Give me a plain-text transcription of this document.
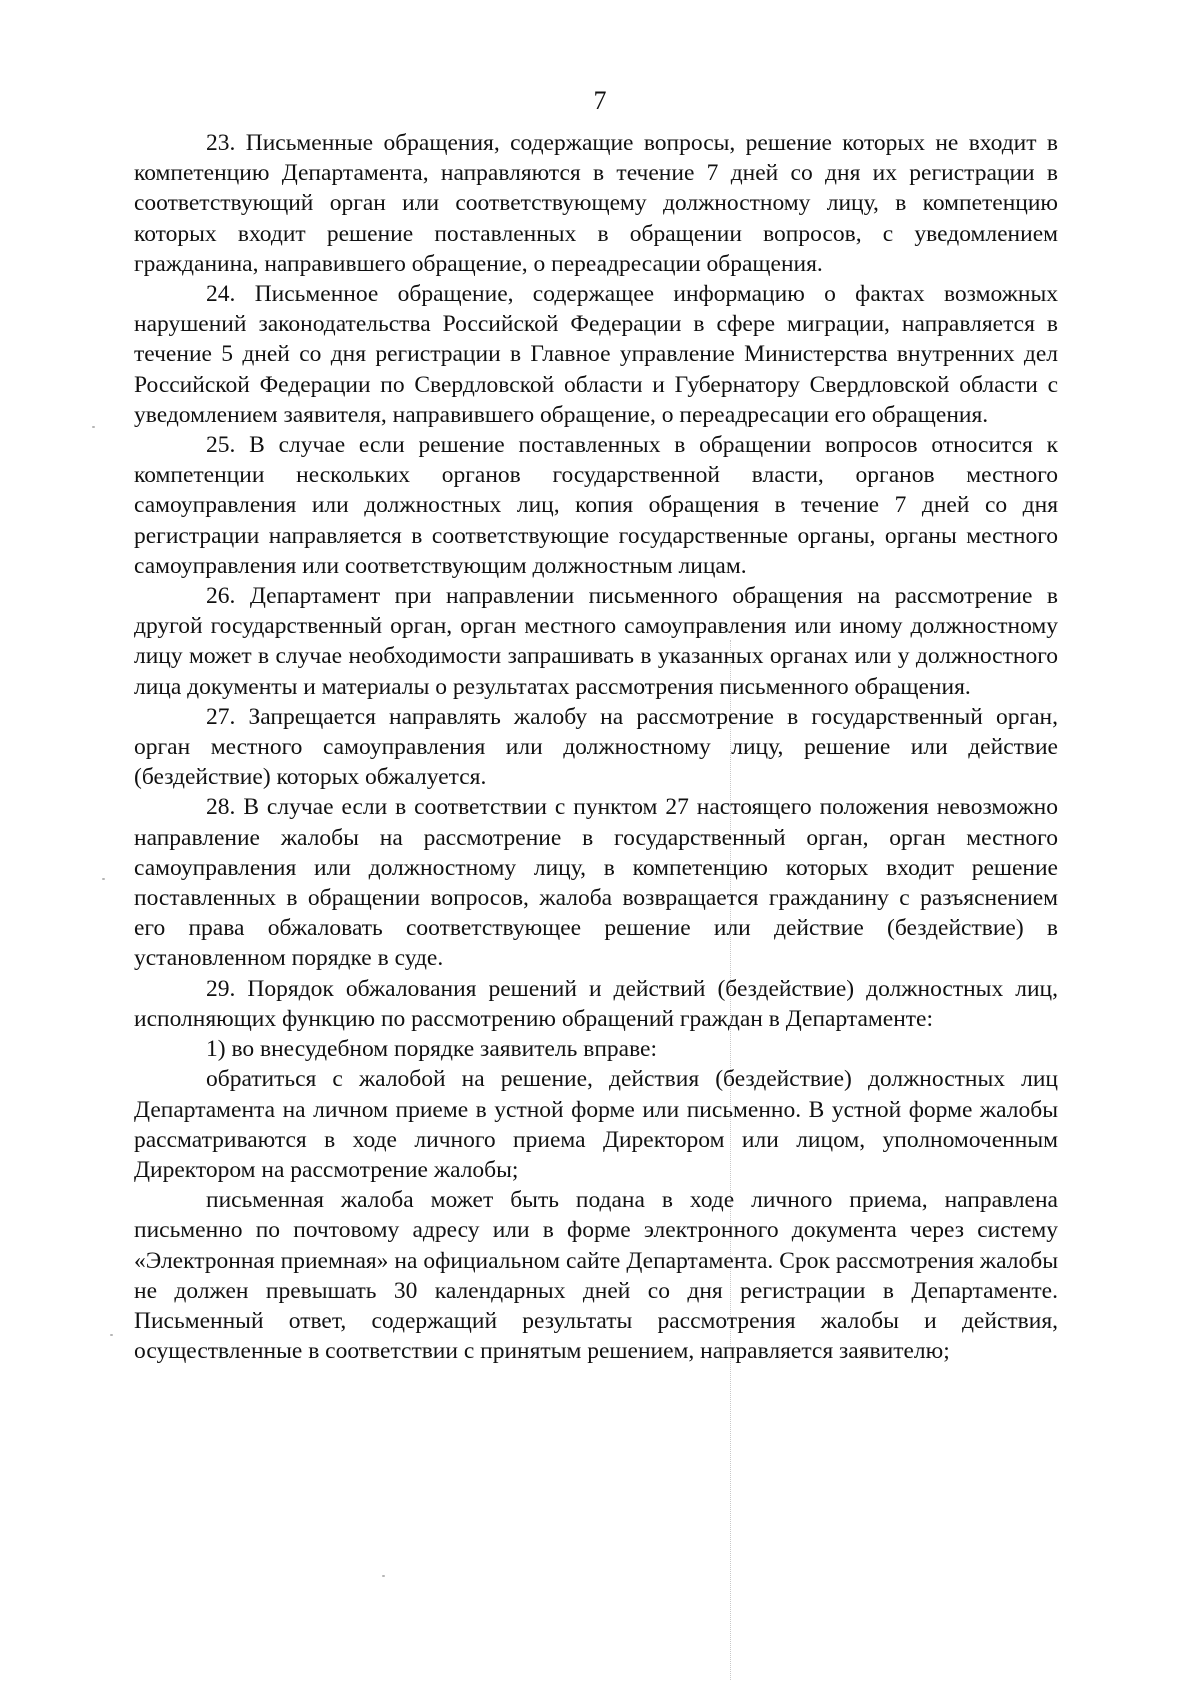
7

23. Письменные обращения, содержащие вопросы, решение которых не входит в компетенцию Департамента, направляются в течение 7 дней со дня их регистрации в соответствующий орган или соответствующему должностному лицу, в компетенцию которых входит решение поставленных в обращении вопросов, с уведомлением гражданина, направившего обращение, о переадресации обращения.

24. Письменное обращение, содержащее информацию о фактах возможных нарушений законодательства Российской Федерации в сфере миграции, направляется в течение 5 дней со дня регистрации в Главное управление Министерства внутренних дел Российской Федерации по Свердловской области и Губернатору Свердловской области с уведомлением заявителя, направившего обращение, о переадресации его обращения.

25. В случае если решение поставленных в обращении вопросов относится к компетенции нескольких органов государственной власти, органов местного самоуправления или должностных лиц, копия обращения в течение 7 дней со дня регистрации направляется в соответствующие государственные органы, органы местного самоуправления или соответствующим должностным лицам.

26. Департамент при направлении письменного обращения на рассмотрение в другой государственный орган, орган местного самоуправления или иному должностному лицу может в случае необходимости запрашивать в указанных органах или у должностного лица документы и материалы о результатах рассмотрения письменного обращения.

27. Запрещается направлять жалобу на рассмотрение в государственный орган, орган местного самоуправления или должностному лицу, решение или действие (бездействие) которых обжалуется.

28. В случае если в соответствии с пунктом 27 настоящего положения невозможно направление жалобы на рассмотрение в государственный орган, орган местного самоуправления или должностному лицу, в компетенцию которых входит решение поставленных в обращении вопросов, жалоба возвращается гражданину с разъяснением его права обжаловать соответствующее решение или действие (бездействие) в установленном порядке в суде.

29. Порядок обжалования решений и действий (бездействие) должностных лиц, исполняющих функцию по рассмотрению обращений граждан в Департаменте:

1) во внесудебном порядке заявитель вправе:

обратиться с жалобой на решение, действия (бездействие) должностных лиц Департамента на личном приеме в устной форме или письменно. В устной форме жалобы рассматриваются в ходе личного приема Директором или лицом, уполномоченным Директором на рассмотрение жалобы;

письменная жалоба может быть подана в ходе личного приема, направлена письменно по почтовому адресу или в форме электронного документа через систему «Электронная приемная» на официальном сайте Департамента. Срок рассмотрения жалобы не должен превышать 30 календарных дней со дня регистрации в Департаменте. Письменный ответ, содержащий результаты рассмотрения жалобы и действия, осуществленные в соответствии с принятым решением, направляется заявителю;
